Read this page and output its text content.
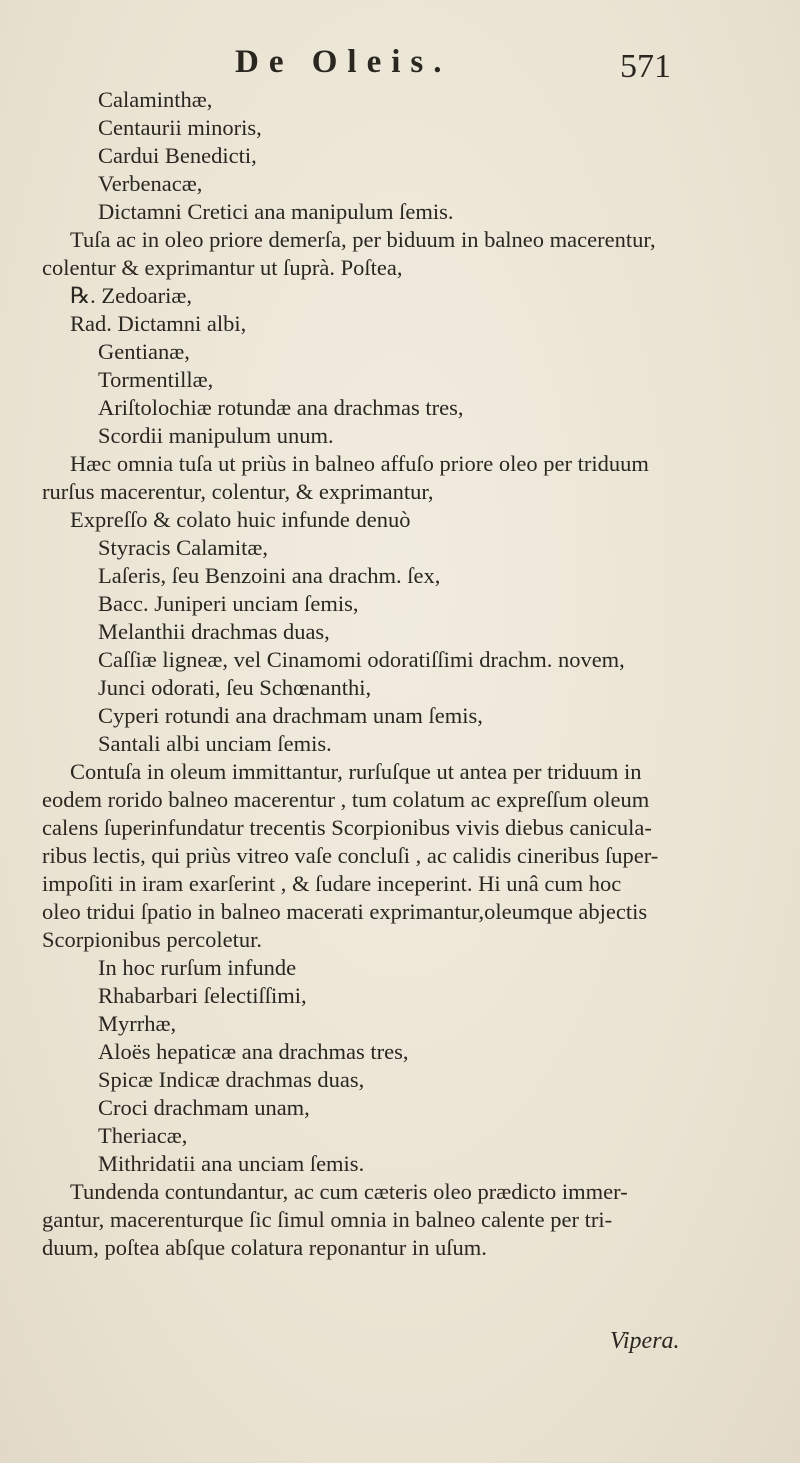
De Oleis.	571
Calaminthæ,
Centaurii minoris,
Cardui Benedicti,
Verbenacæ,
Dictamni Cretici ana manipulum ſemis.
Tuſa ac in oleo priore demerſa, per biduum in balneo macerentur,
colentur & exprimantur ut ſuprà. Poſtea,
℞. Zedoariæ,
Rad. Dictamni albi,
Gentianæ,
Tormentillæ,
Ariſtolochiæ rotundæ ana drachmas tres,
Scordii manipulum unum.
Hæc omnia tuſa ut priùs in balneo affuſo priore oleo per triduum
rurſus macerentur, colentur, & exprimantur,
Expreſſo & colato huic infunde denuò
Styracis Calamitæ,
Laſeris, ſeu Benzoini ana drachm. ſex,
Bacc. Juniperi unciam ſemis,
Melanthii drachmas duas,
Caſſiæ ligneæ, vel Cinamomi odoratiſſimi drachm. novem,
Junci odorati, ſeu Schœnanthi,
Cyperi rotundi ana drachmam unam ſemis,
Santali albi unciam ſemis.
Contuſa in oleum immittantur, rurſuſque ut antea per triduum in
eodem rorido balneo macerentur , tum colatum ac expreſſum oleum
calens ſuperinfundatur trecentis Scorpionibus vivis diebus canicula-
ribus lectis, qui priùs vitreo vaſe concluſi , ac calidis cineribus ſuper-
impoſiti in iram exarſerint , & ſudare inceperint. Hi unâ cum hoc
oleo tridui ſpatio in balneo macerati exprimantur,oleumque abjectis
Scorpionibus percoletur.
In hoc rurſum infunde
Rhabarbari ſelectiſſimi,
Myrrhæ,
Aloës hepaticæ ana drachmas tres,
Spicæ Indicæ drachmas duas,
Croci drachmam unam,
Theriacæ,
Mithridatii ana unciam ſemis.
Tundenda contundantur, ac cum cæteris oleo prædicto immer-
gantur, macerenturque ſic ſimul omnia in balneo calente per tri-
duum, poſtea abſque colatura reponantur in uſum.
Vipera.
